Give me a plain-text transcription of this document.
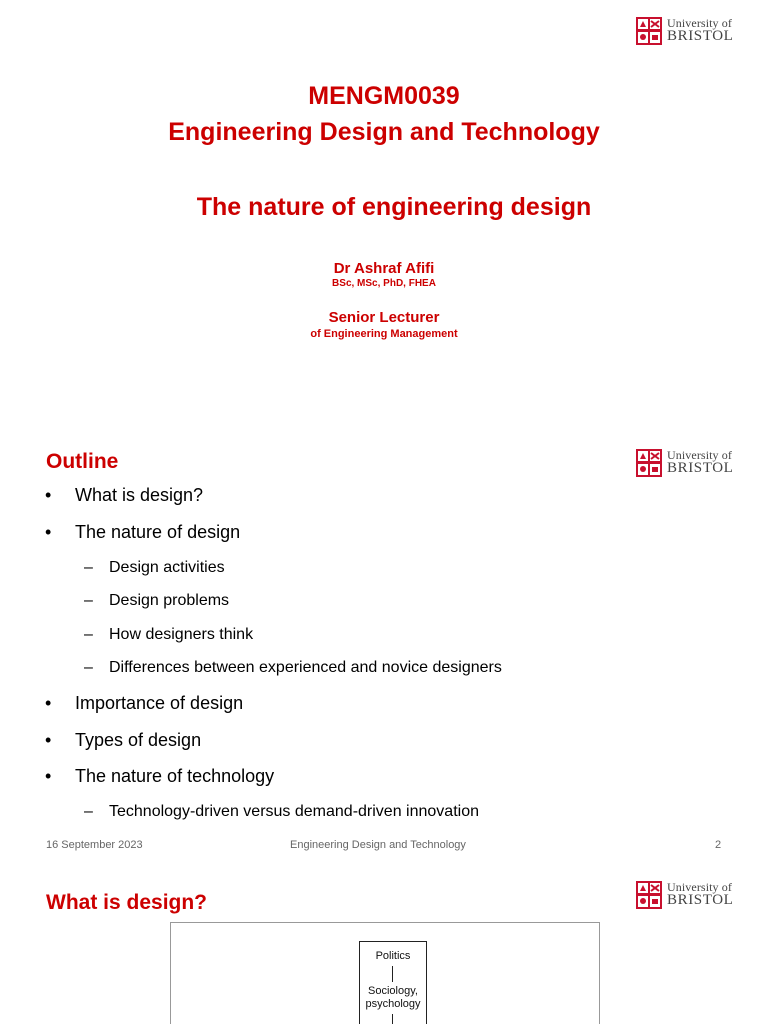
University of
BRISTOL
MENGM0039
Engineering Design and Technology
The nature of engineering design
Dr Ashraf Afifi
BSc, MSc, PhD, FHEA
Senior Lecturer
of Engineering Management
University of
BRISTOL
Outline
• What is design?
• The nature of design
– Design activities
– Design problems
– How designers think
– Differences between experienced and novice designers
• Importance of design
• Types of design
• The nature of technology
– Technology-driven versus demand-driven innovation
16 September 2023	Engineering Design and Technology	2
University of
BRISTOL
What is design?
Politics
Sociology, psychology
